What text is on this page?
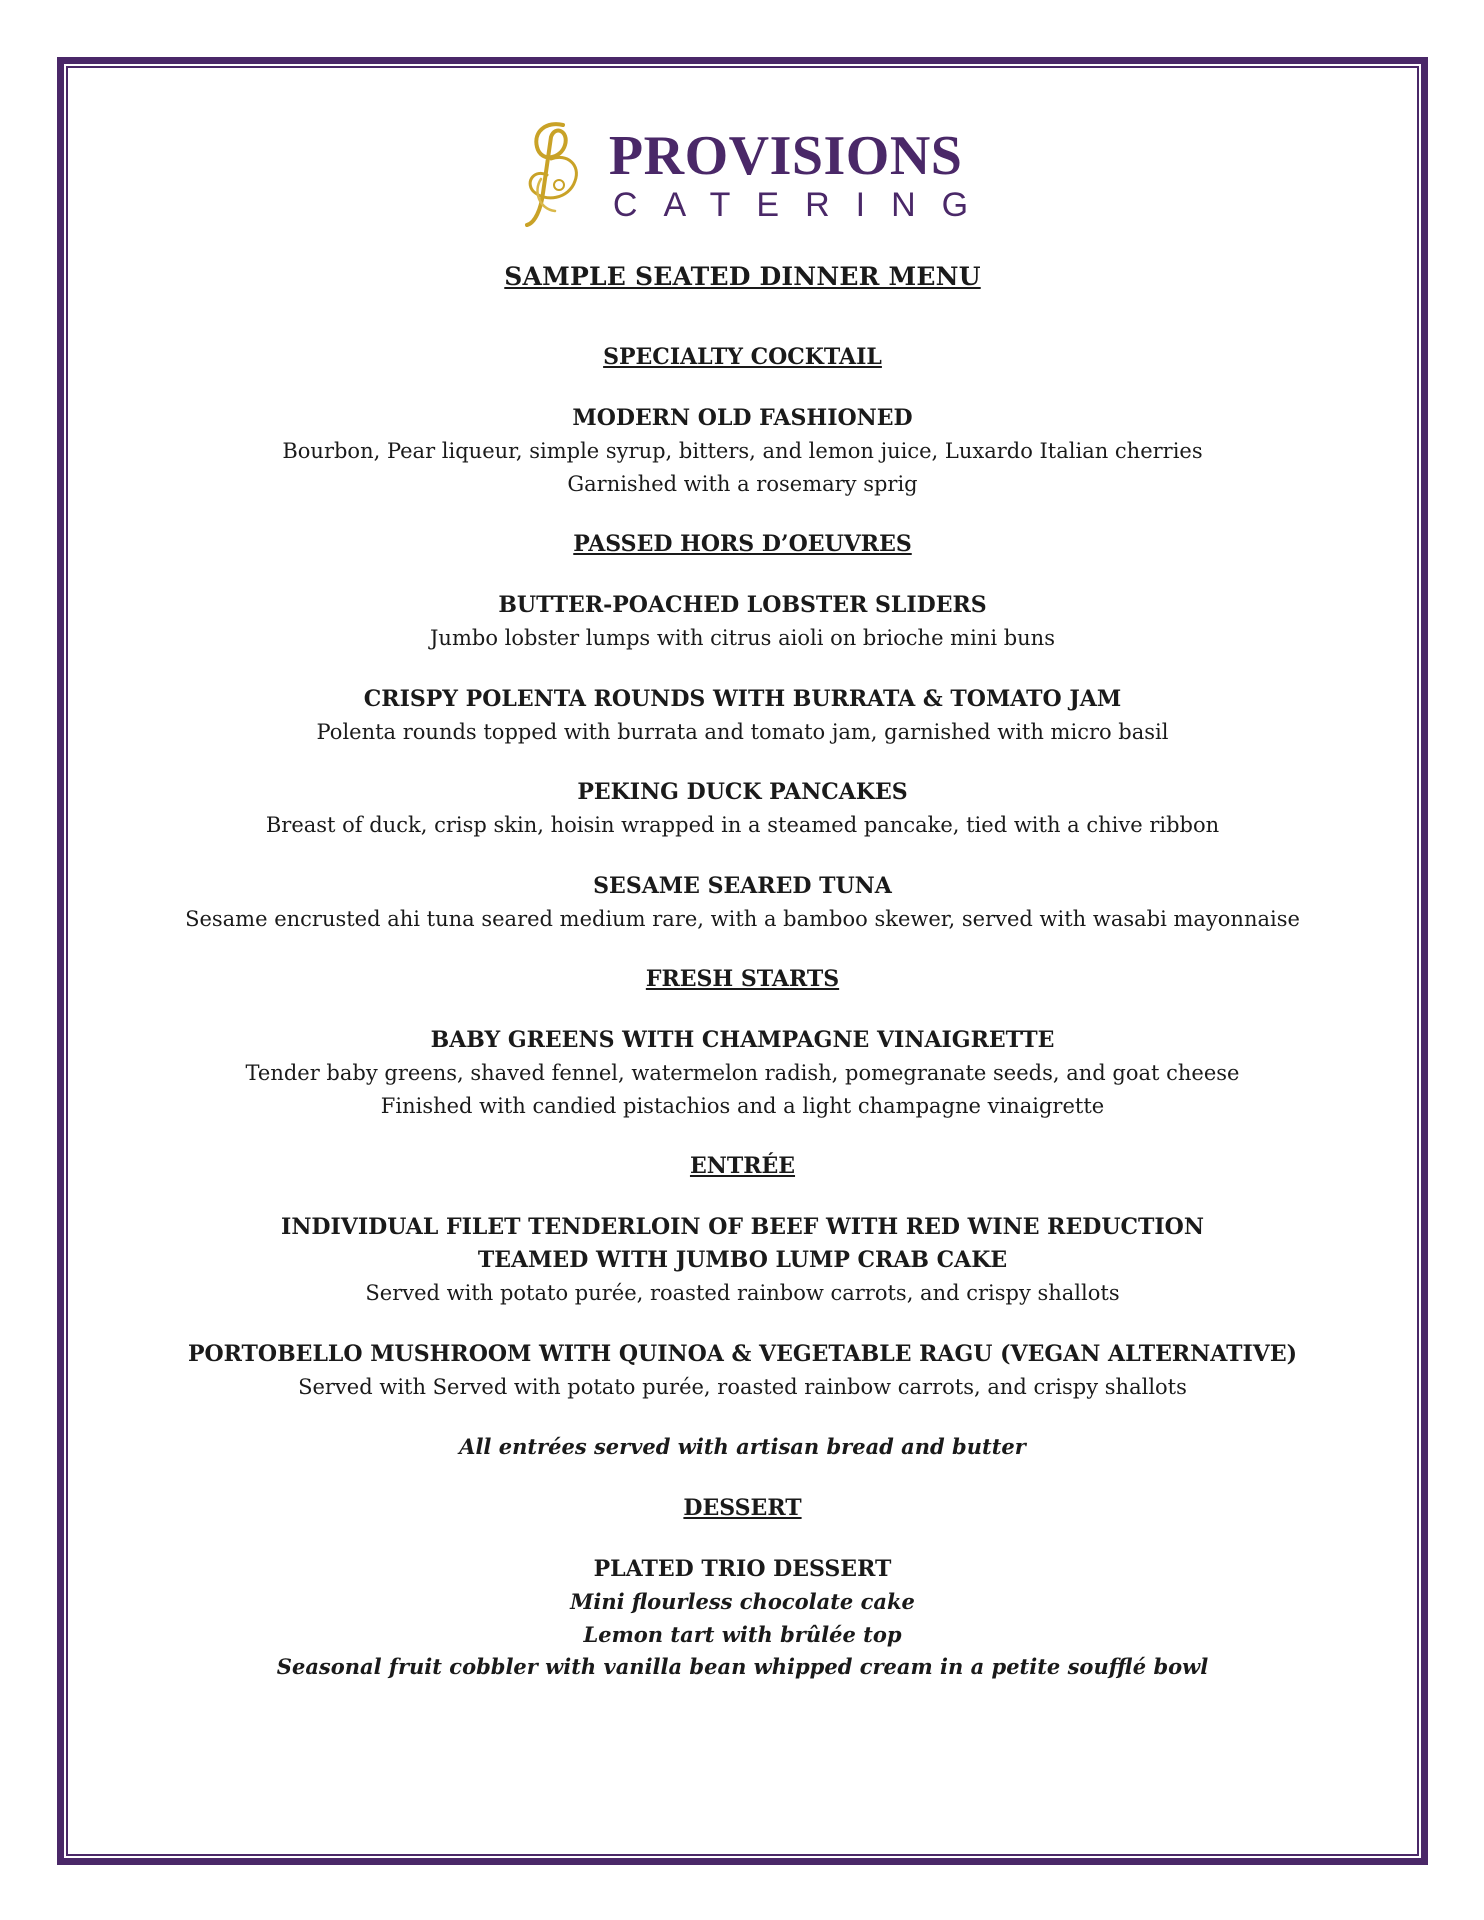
PROVISIONS
CATERING

SAMPLE SEATED DINNER MENU

SPECIALTY COCKTAIL

MODERN OLD FASHIONED

Bourbon, Pear liqueur, simple syrup, bitters, and lemon juice, Luxardo Italian cherries

Garnished with a rosemary sprig

PASSED HORS D’OEUVRES

BUTTER-POACHED LOBSTER SLIDERS

Jumbo lobster lumps with citrus aioli on brioche mini buns

CRISPY POLENTA ROUNDS WITH BURRATA & TOMATO JAM

Polenta rounds topped with burrata and tomato jam, garnished with micro basil

PEKING DUCK PANCAKES

Breast of duck, crisp skin, hoisin wrapped in a steamed pancake, tied with a chive ribbon

SESAME SEARED TUNA

Sesame encrusted ahi tuna seared medium rare, with a bamboo skewer, served with wasabi mayonnaise

FRESH STARTS

BABY GREENS WITH CHAMPAGNE VINAIGRETTE

Tender baby greens, shaved fennel, watermelon radish, pomegranate seeds, and goat cheese

Finished with candied pistachios and a light champagne vinaigrette

ENTRÉE

INDIVIDUAL FILET TENDERLOIN OF BEEF WITH RED WINE REDUCTION

TEAMED WITH JUMBO LUMP CRAB CAKE

Served with potato purée, roasted rainbow carrots, and crispy shallots

PORTOBELLO MUSHROOM WITH QUINOA & VEGETABLE RAGU (VEGAN ALTERNATIVE)

Served with Served with potato purée, roasted rainbow carrots, and crispy shallots

All entrées served with artisan bread and butter

DESSERT

PLATED TRIO DESSERT

Mini flourless chocolate cake

Lemon tart with brûlée top

Seasonal fruit cobbler with vanilla bean whipped cream in a petite soufflé bowl
